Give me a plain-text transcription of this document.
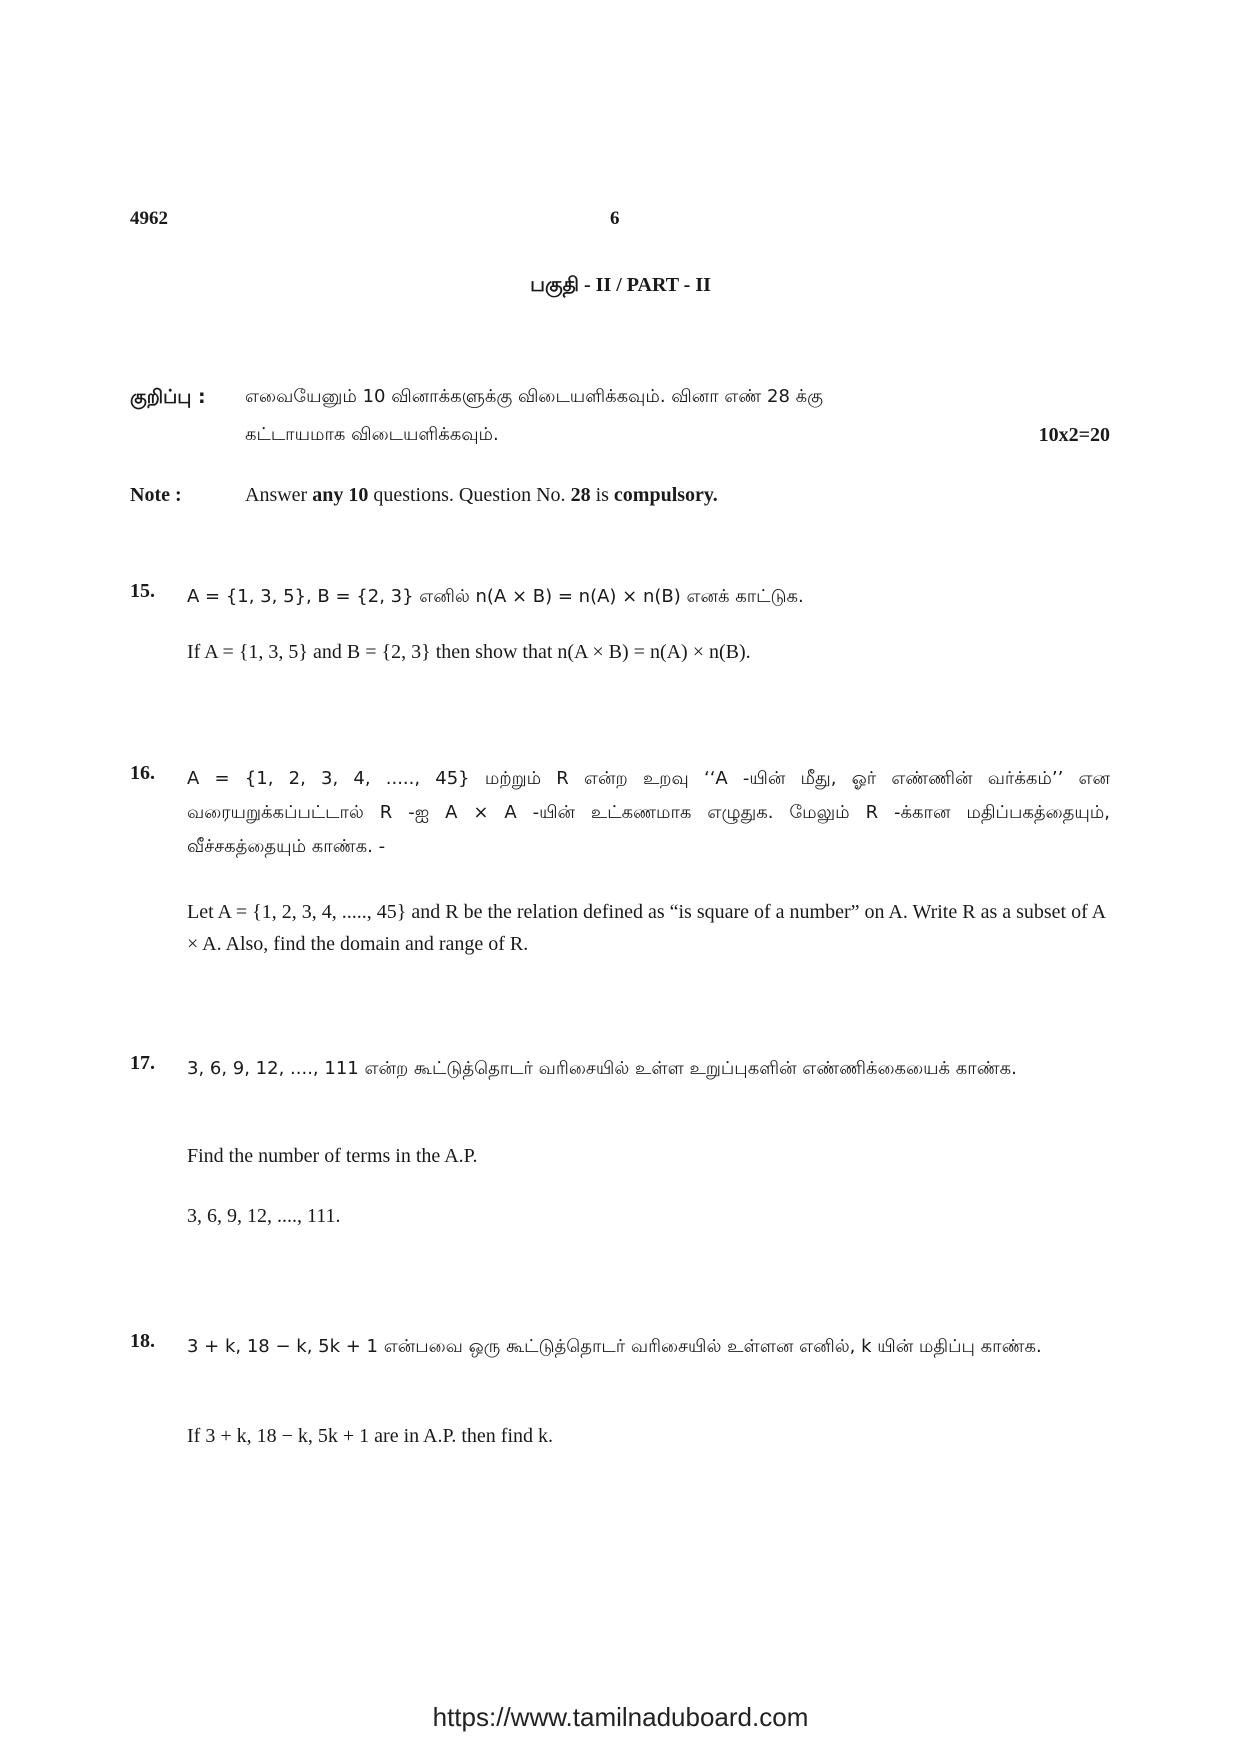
4962	6
பகுதி - II / PART - II
குறிப்பு : எவையேனும் 10 வினாக்களுக்கு விடையளிக்கவும். வினா எண் 28 க்கு
கட்டாயமாக விடையளிக்கவும்.	10x2=20
Note :	Answer any 10 questions. Question No. 28 is compulsory.
15. A = {1, 3, 5}, B = {2, 3} எனில் n(A × B) = n(A) × n(B) எனக் காட்டுக.
If A = {1, 3, 5} and B = {2, 3} then show that n(A × B) = n(A) × n(B).
16. A = {1, 2, 3, 4, ....., 45} மற்றும் R என்ற உறவு ‘‘A -யின் மீது, ஓர் எண்ணின் வர்க்கம்’’ என வரையறுக்கப்பட்டால் R -ஐ A × A -யின் உட்கணமாக எழுதுக. மேலும் R -க்கான மதிப்பகத்தையும், வீச்சகத்தையும் காண்க. -
Let A = {1, 2, 3, 4, ....., 45} and R be the relation defined as “is square of a number” on A. Write R as a subset of A × A. Also, find the domain and range of R.
17. 3, 6, 9, 12, ...., 111 என்ற கூட்டுத்தொடர் வரிசையில் உள்ள உறுப்புகளின் எண்ணிக்கையைக் காண்க.
Find the number of terms in the A.P.
3, 6, 9, 12, ...., 111.
18. 3 + k, 18 − k, 5k + 1 என்பவை ஒரு கூட்டுத்தொடர் வரிசையில் உள்ளன எனில், k யின் மதிப்பு காண்க.
If 3 + k, 18 − k, 5k + 1 are in A.P. then find k.
https://www.tamilnaduboard.com
